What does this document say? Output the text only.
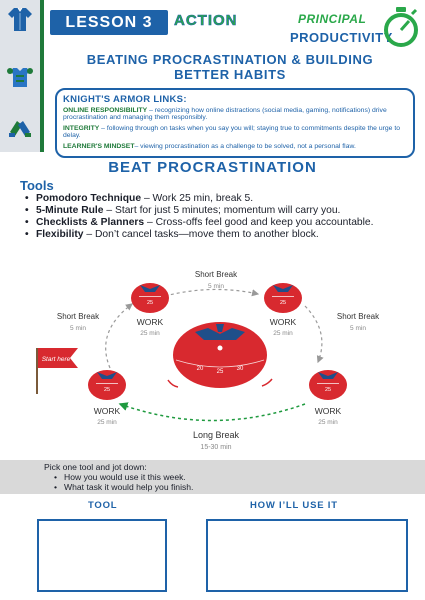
LESSON 3	ACTION	PRINCIPAL
PRODUCTIVITY
BEATING PROCRASTINATION & BUILDING
BETTER HABITS
KNIGHT'S ARMOR LINKS:
ONLINE RESPONSIBILITY – recognizing how online distractions (social media, gaming, notifications) drive procrastination and managing them responsibly.
INTEGRITY – following through on tasks when you say you will; staying true to commitments despite the urge to delay.
LEARNER'S MINDSET– viewing procrastination as a challenge to be solved, not a personal flaw.
BEAT PROCRASTINATION
Tools
• Pomodoro Technique – Work 25 min, break 5.
• 5-Minute Rule – Start for just 5 minutes; momentum will carry you.
• Checklists & Planners – Cross-offs feel good and keep you accountable.
• Flexibility – Don’t cancel tasks—move them to another block.
Short Break
5 min
Short Break
5 min
Short Break
5 min
Long Break
15-30 min
25
WORK
25 min
25
WORK
25 min
20 25 30
Start here
25
WORK
25 min
25
WORK
25 min
Pick one tool and jot down:
• How you would use it this week.
• What task it would help you finish.
TOOL	HOW I’LL USE IT
